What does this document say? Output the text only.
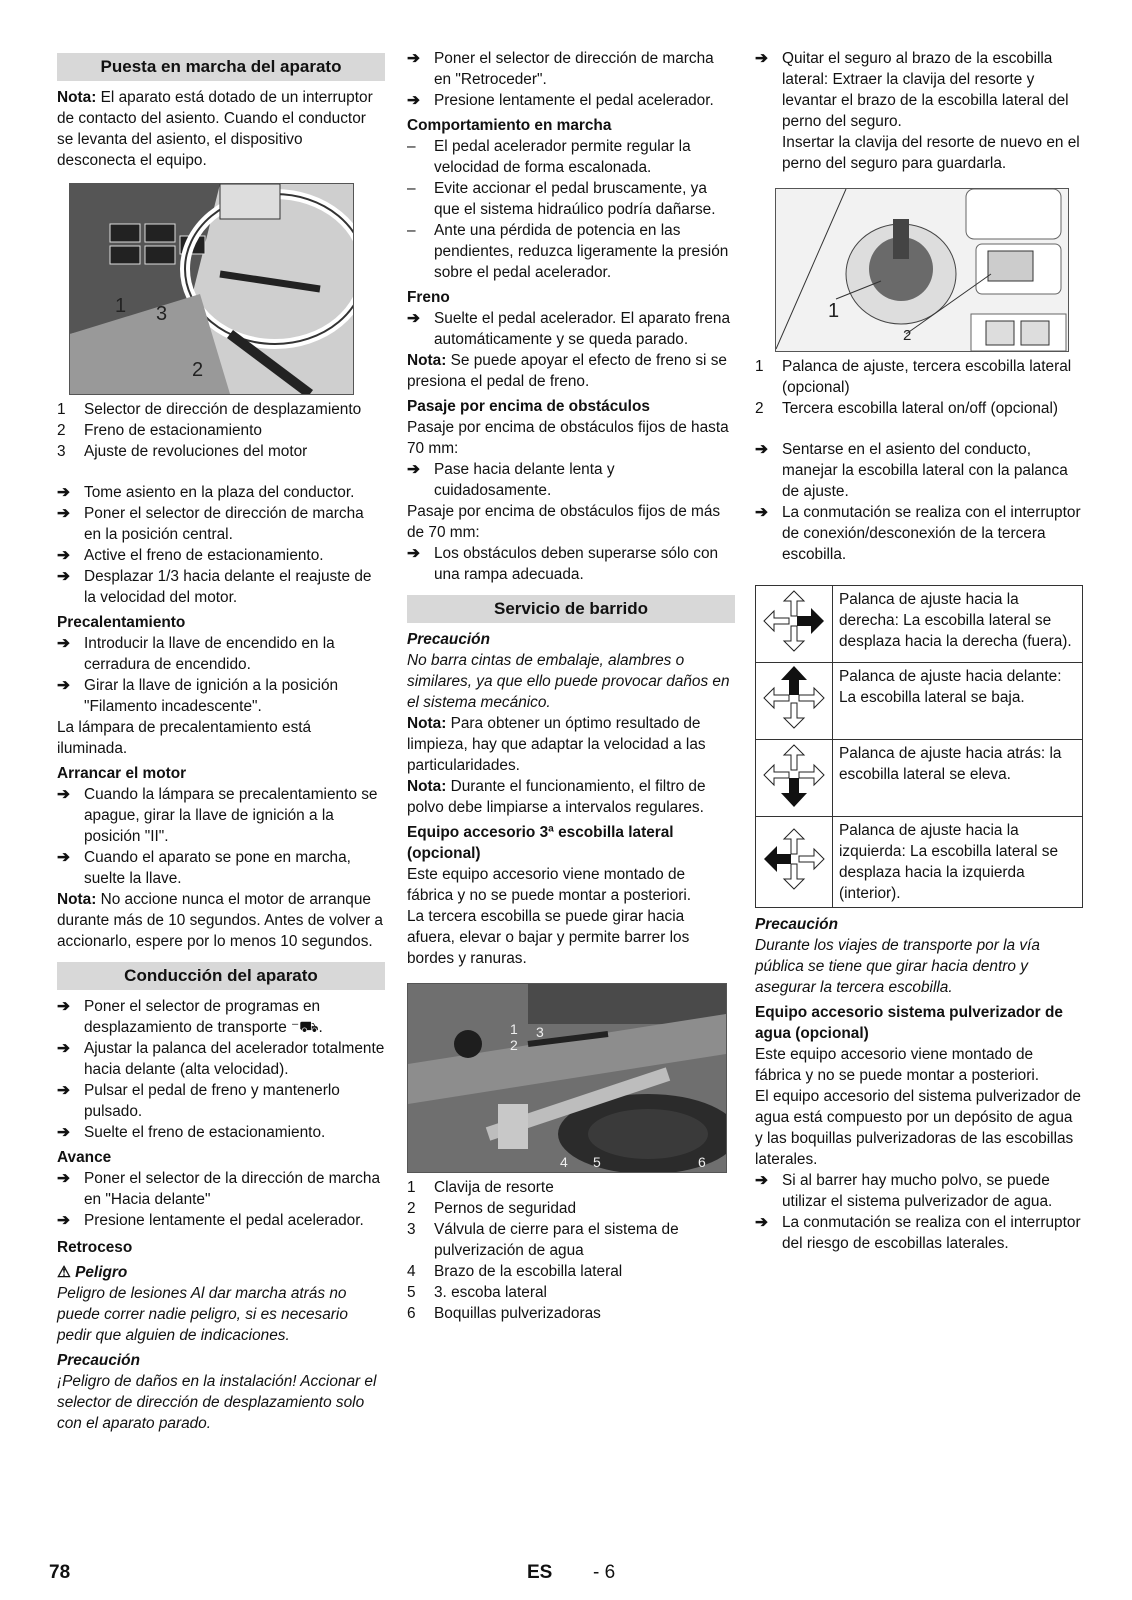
Puesta en marcha del aparato

Nota: El aparato está dotado de un interruptor de contacto del asiento. Cuando el conductor se levanta del asiento, el dispositivo desconecta el equipo.

1 3
2
1	Selector de dirección de desplazamiento
2	Freno de estacionamiento
3	Ajuste de revoluciones del motor
➔
Tome asiento en la plaza del conductor.
➔
Poner el selector de dirección de marcha en la posición central.
➔
Active el freno de estacionamiento.
➔
Desplazar 1/3 hacia delante el reajuste de la velocidad del motor.
Precalentamiento
➔
Introducir la llave de encendido en la cerradura de encendido.
➔
Girar la llave de ignición a la posición "Filamento incadescente".

La lámpara de precalentamiento está iluminada.

Arrancar el motor
➔
Cuando la lámpara se precalentamiento se apague, girar la llave de ignición a la posición "II".
➔
Cuando el aparato se pone en marcha, suelte la llave.

Nota: No accione nunca el motor de arranque durante más de 10 segundos. Antes de volver a accionarlo, espere por lo menos 10 segundos.

Conducción del aparato
➔
Poner el selector de programas en desplazamiento de transporte ⁻⛟.
➔
Ajustar la palanca del acelerador totalmente hacia delante (alta velocidad).
➔
Pulsar el pedal de freno y mantenerlo pulsado.
➔
Suelte el freno de estacionamiento.
Avance
➔
Poner el selector de la dirección de marcha en "Hacia delante"
➔
Presione lentamente el pedal acelerador.
Retroceso
⚠ Peligro

Peligro de lesiones Al dar marcha atrás no puede correr nadie peligro, si es necesario pedir que alguien de indicaciones.

Precaución

¡Peligro de daños en la instalación! Accionar el selector de dirección de desplazamiento solo con el aparato parado.

➔
Poner el selector de dirección de marcha en "Retroceder".
➔
Presione lentamente el pedal acelerador.
Comportamiento en marcha
–
El pedal acelerador permite regular la velocidad de forma escalonada.
–
Evite accionar el pedal bruscamente, ya que el sistema hidraúlico podría dañarse.
–
Ante una pérdida de potencia en las pendientes, reduzca ligeramente la presión sobre el pedal acelerador.
Freno
➔
Suelte el pedal acelerador. El aparato frena automáticamente y se queda parado.

Nota: Se puede apoyar el efecto de freno si se presiona el pedal de freno.

Pasaje por encima de obstáculos

Pasaje por encima de obstáculos fijos de hasta 70 mm:

➔
Pase hacia delante lenta y cuidadosamente.

Pasaje por encima de obstáculos fijos de más de 70 mm:

➔
Los obstáculos deben superarse sólo con una rampa adecuada.
Servicio de barrido
Precaución

No barra cintas de embalaje, alambres o similares, ya que ello puede provocar daños en el sistema mecánico.

Nota: Para obtener un óptimo resultado de limpieza, hay que adaptar la velocidad a las particularidades.

Nota: Durante el funcionamiento, el filtro de polvo debe limpiarse a intervalos regulares.

Equipo accesorio 3ª escobilla lateral (opcional)

Este equipo accesorio viene montado de fábrica y no se puede montar a posteriori.

La tercera escobilla se puede girar hacia afuera, elevar o bajar y permite barrer los bordes y ranuras.

1
2
3
4 5	6
1	Clavija de resorte
2	Pernos de seguridad
3	Válvula de cierre para el sistema de pulverización de agua
4	Brazo de la escobilla lateral
5	3. escoba lateral
6	Boquillas pulverizadoras
➔
Quitar el seguro al brazo de la escobilla lateral: Extraer la clavija del resorte y levantar el brazo de la escobilla lateral del perno del seguro.

Insertar la clavija del resorte de nuevo en el perno del seguro para guardarla.

1
2
1	Palanca de ajuste, tercera escobilla lateral (opcional)
2	Tercera escobilla lateral on/off (opcional)
➔
Sentarse en el asiento del conducto, manejar la escobilla lateral con la palanca de ajuste.
➔
La conmutación se realiza con el interruptor de conexión/desconexión de la tercera escobilla.
	Palanca de ajuste hacia la derecha: La escobilla lateral se desplaza hacia la derecha (fuera).
	Palanca de ajuste hacia delante: La escobilla lateral se baja.
	Palanca de ajuste hacia atrás: la escobilla lateral se eleva.
	Palanca de ajuste hacia la izquierda: La escobilla lateral se desplaza hacia la izquierda (interior).
Precaución

Durante los viajes de transporte por la vía pública se tiene que girar hacia dentro y asegurar la tercera escobilla.

Equipo accesorio sistema pulverizador de agua (opcional)

Este equipo accesorio viene montado de fábrica y no se puede montar a posteriori.

El equipo accesorio del sistema pulverizador de agua está compuesto por un depósito de agua y las boquillas pulverizadoras de las escobillas laterales.

➔
Si al barrer hay mucho polvo, se puede utilizar el sistema pulverizador de agua.
➔
La conmutación se realiza con el interruptor del riesgo de escobillas laterales.
78	ES - 6
